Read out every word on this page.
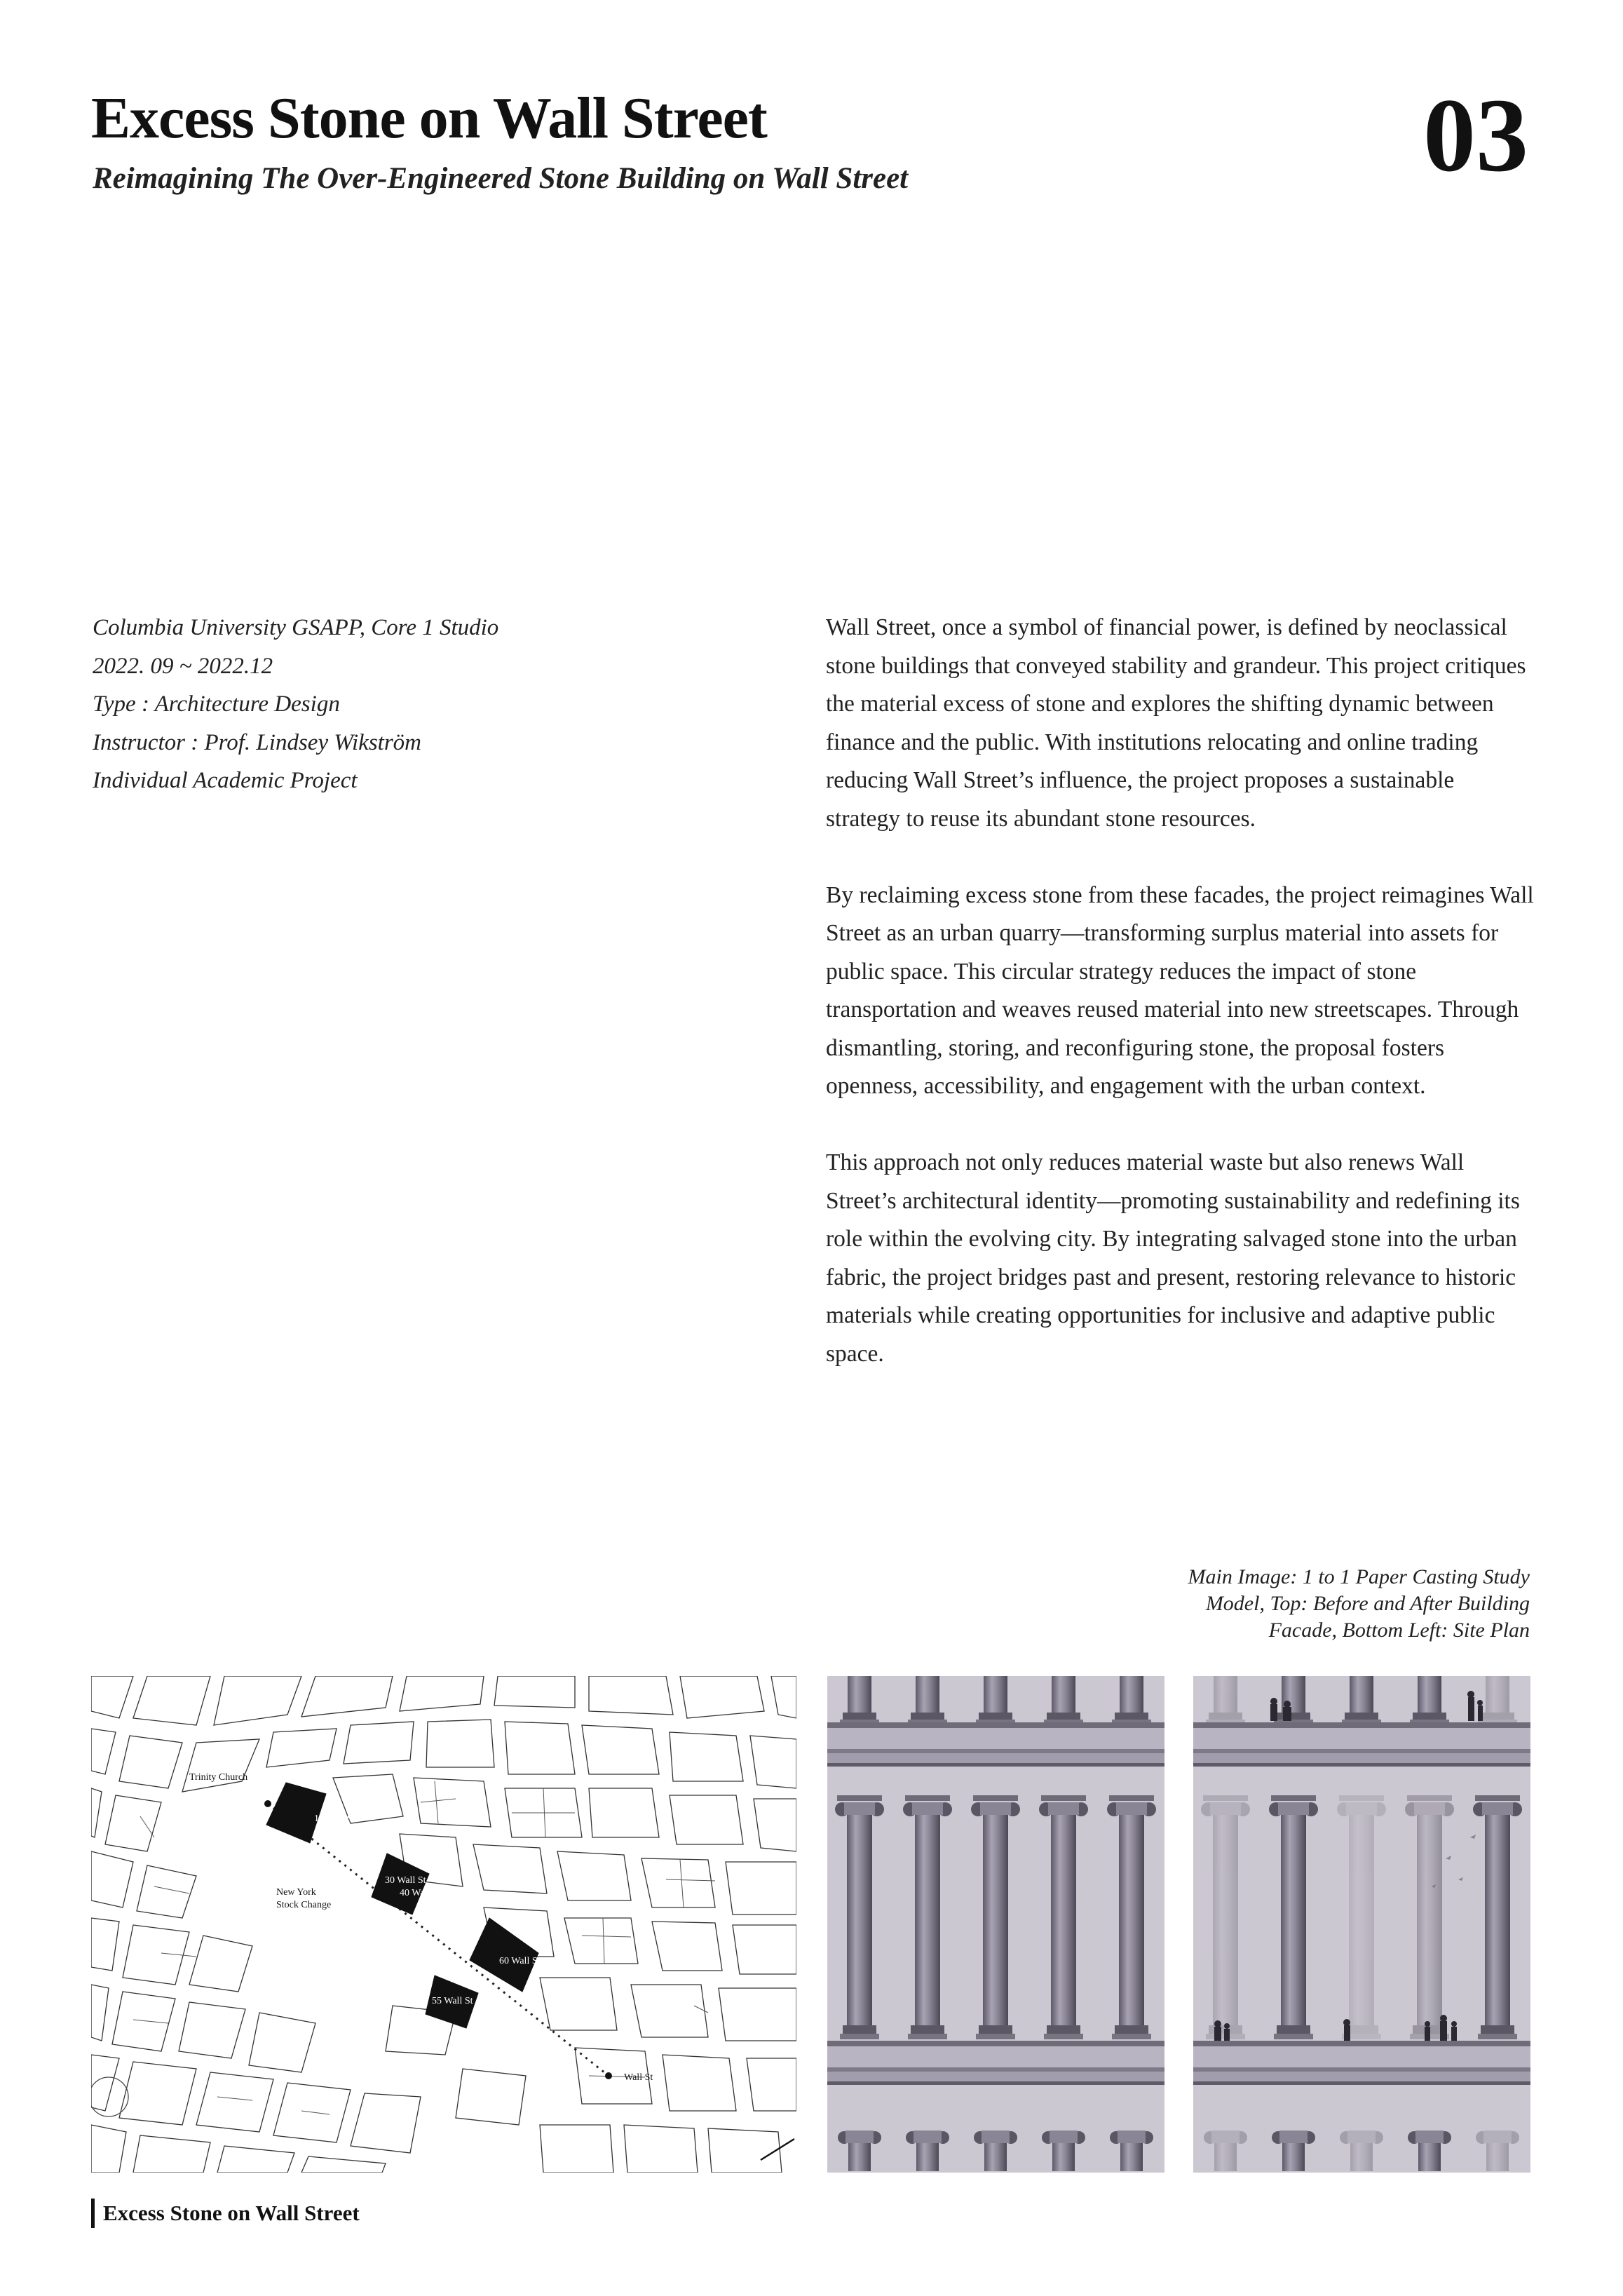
Excess Stone on Wall Street
Reimagining The Over-Engineered Stone Building on Wall Street	03
Columbia University GSAPP, Core 1 Studio
2022. 09 ~ 2022.12
Type : Architecture Design
Instructor : Prof. Lindsey Wikström
Individual Academic Project

Wall Street, once a symbol of financial power, is defined by neoclassical stone buildings that conveyed stability and grandeur. This project critiques the material excess of stone and explores the shifting dynamic between finance and the public. With institutions relocating and online trading reducing Wall Street’s influence, the project proposes a sustainable strategy to reuse its abundant stone resources.

By reclaiming excess stone from these facades, the project reimagines Wall Street as an urban quarry—transforming surplus material into assets for public space. This circular strategy reduces the impact of stone transportation and weaves reused material into new streetscapes. Through dismantling, storing, and reconfiguring stone, the proposal fosters openness, accessibility, and engagement with the urban context.

This approach not only reduces material waste but also renews Wall Street’s architectural identity—promoting sustainability and redefining its role within the evolving city. By integrating salvaged stone into the urban fabric, the project bridges past and present, restoring relevance to historic materials while creating opportunities for inclusive and adaptive public space.

Main Image: 1 to 1 Paper Casting Study
Model, Top: Before and After Building
Facade, Bottom Left: Site Plan
Trinity Church
New York
Stock Change
Wall St
14 Wall St
30 Wall St
40 Wall St
60 Wall St
55 Wall St
Excess Stone on Wall Street
